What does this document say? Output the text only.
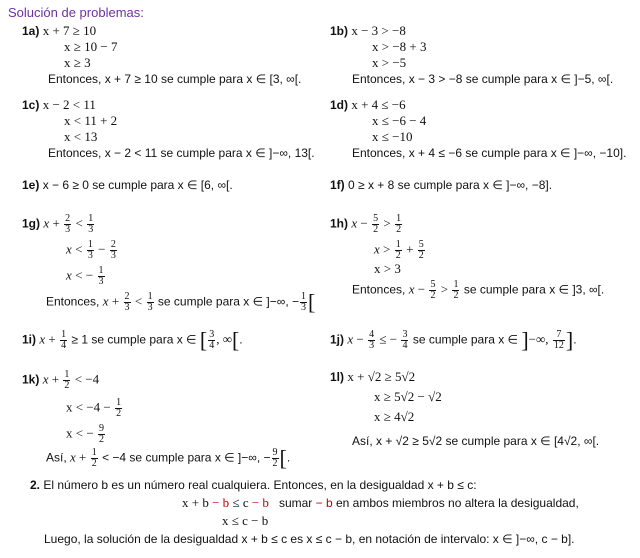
Solución de problemas:
1a) x + 7 ≥ 10
x ≥ 10 − 7
x ≥ 3
Entonces, x + 7 ≥ 10 se cumple para x ∈ [3, ∞[.
1b) x − 3 > −8
x > −8 + 3
x > −5
Entonces, x − 3 > −8 se cumple para x ∈ ]−5, ∞[.
1c) x − 2 < 11
x < 11 + 2
x < 13
Entonces, x − 2 < 11 se cumple para x ∈ ]−∞, 13[.
1d) x + 4 ≤ −6
x ≤ −6 − 4
x ≤ −10
Entonces, x + 4 ≤ −6 se cumple para x ∈ ]−∞, −10].
1e) x − 6 ≥ 0 se cumple para x ∈ [6, ∞[.	1f) 0 ≥ x + 8 se cumple para x ∈ ]−∞, −8].
1g) $x + \frac{2}{3} < \frac{1}{3}$
$x < \frac{1}{3} - \frac{2}{3}$
x < − $\frac{1}{3}$
Entonces, $x + \frac{2}{3} < \frac{1}{3}$ se cumple para x ∈ ]−∞, − $\frac{1}{3}$ [
1h) $x - \frac{5}{2} > \frac{1}{2}$
$x > \frac{1}{2} + \frac{5}{2}$
x > 3
Entonces, $x - \frac{5}{2} > \frac{1}{2}$ se cumple para x ∈ ]3, ∞[.
1i) $x + \frac{1}{4} \ge 1$ se cumple para x ∈ [ $\frac{3}{4}$ , ∞[.	1j) $x - \frac{4}{3}$ ≤ − $\frac{3}{4}$ se cumple para x ∈ ]−∞, $\frac{7}{12}$ ].
1k) $x + \frac{1}{2} < -4$
$x < -4 - \frac{1}{2}$
x < − $\frac{9}{2}$
Así, $x + \frac{1}{2} < -4$ se cumple para x ∈ ]−∞, − $\frac{9}{2}$ [.
1l) x + √2 ≥ 5√2
x ≥ 5√2 − √2
x ≥ 4√2
Así, x + √2 ≥ 5√2 se cumple para x ∈ [4√2, ∞[.
2. El número b es un número real cualquiera. Entonces, en la desigualdad x + b ≤ c:
x + b − b ≤ c − b sumar − b en ambos miembros no altera la desigualdad,
x ≤ c − b
Luego, la solución de la desigualdad x + b ≤ c es x ≤ c − b, en notación de intervalo: x ∈ ]−∞, c − b].
